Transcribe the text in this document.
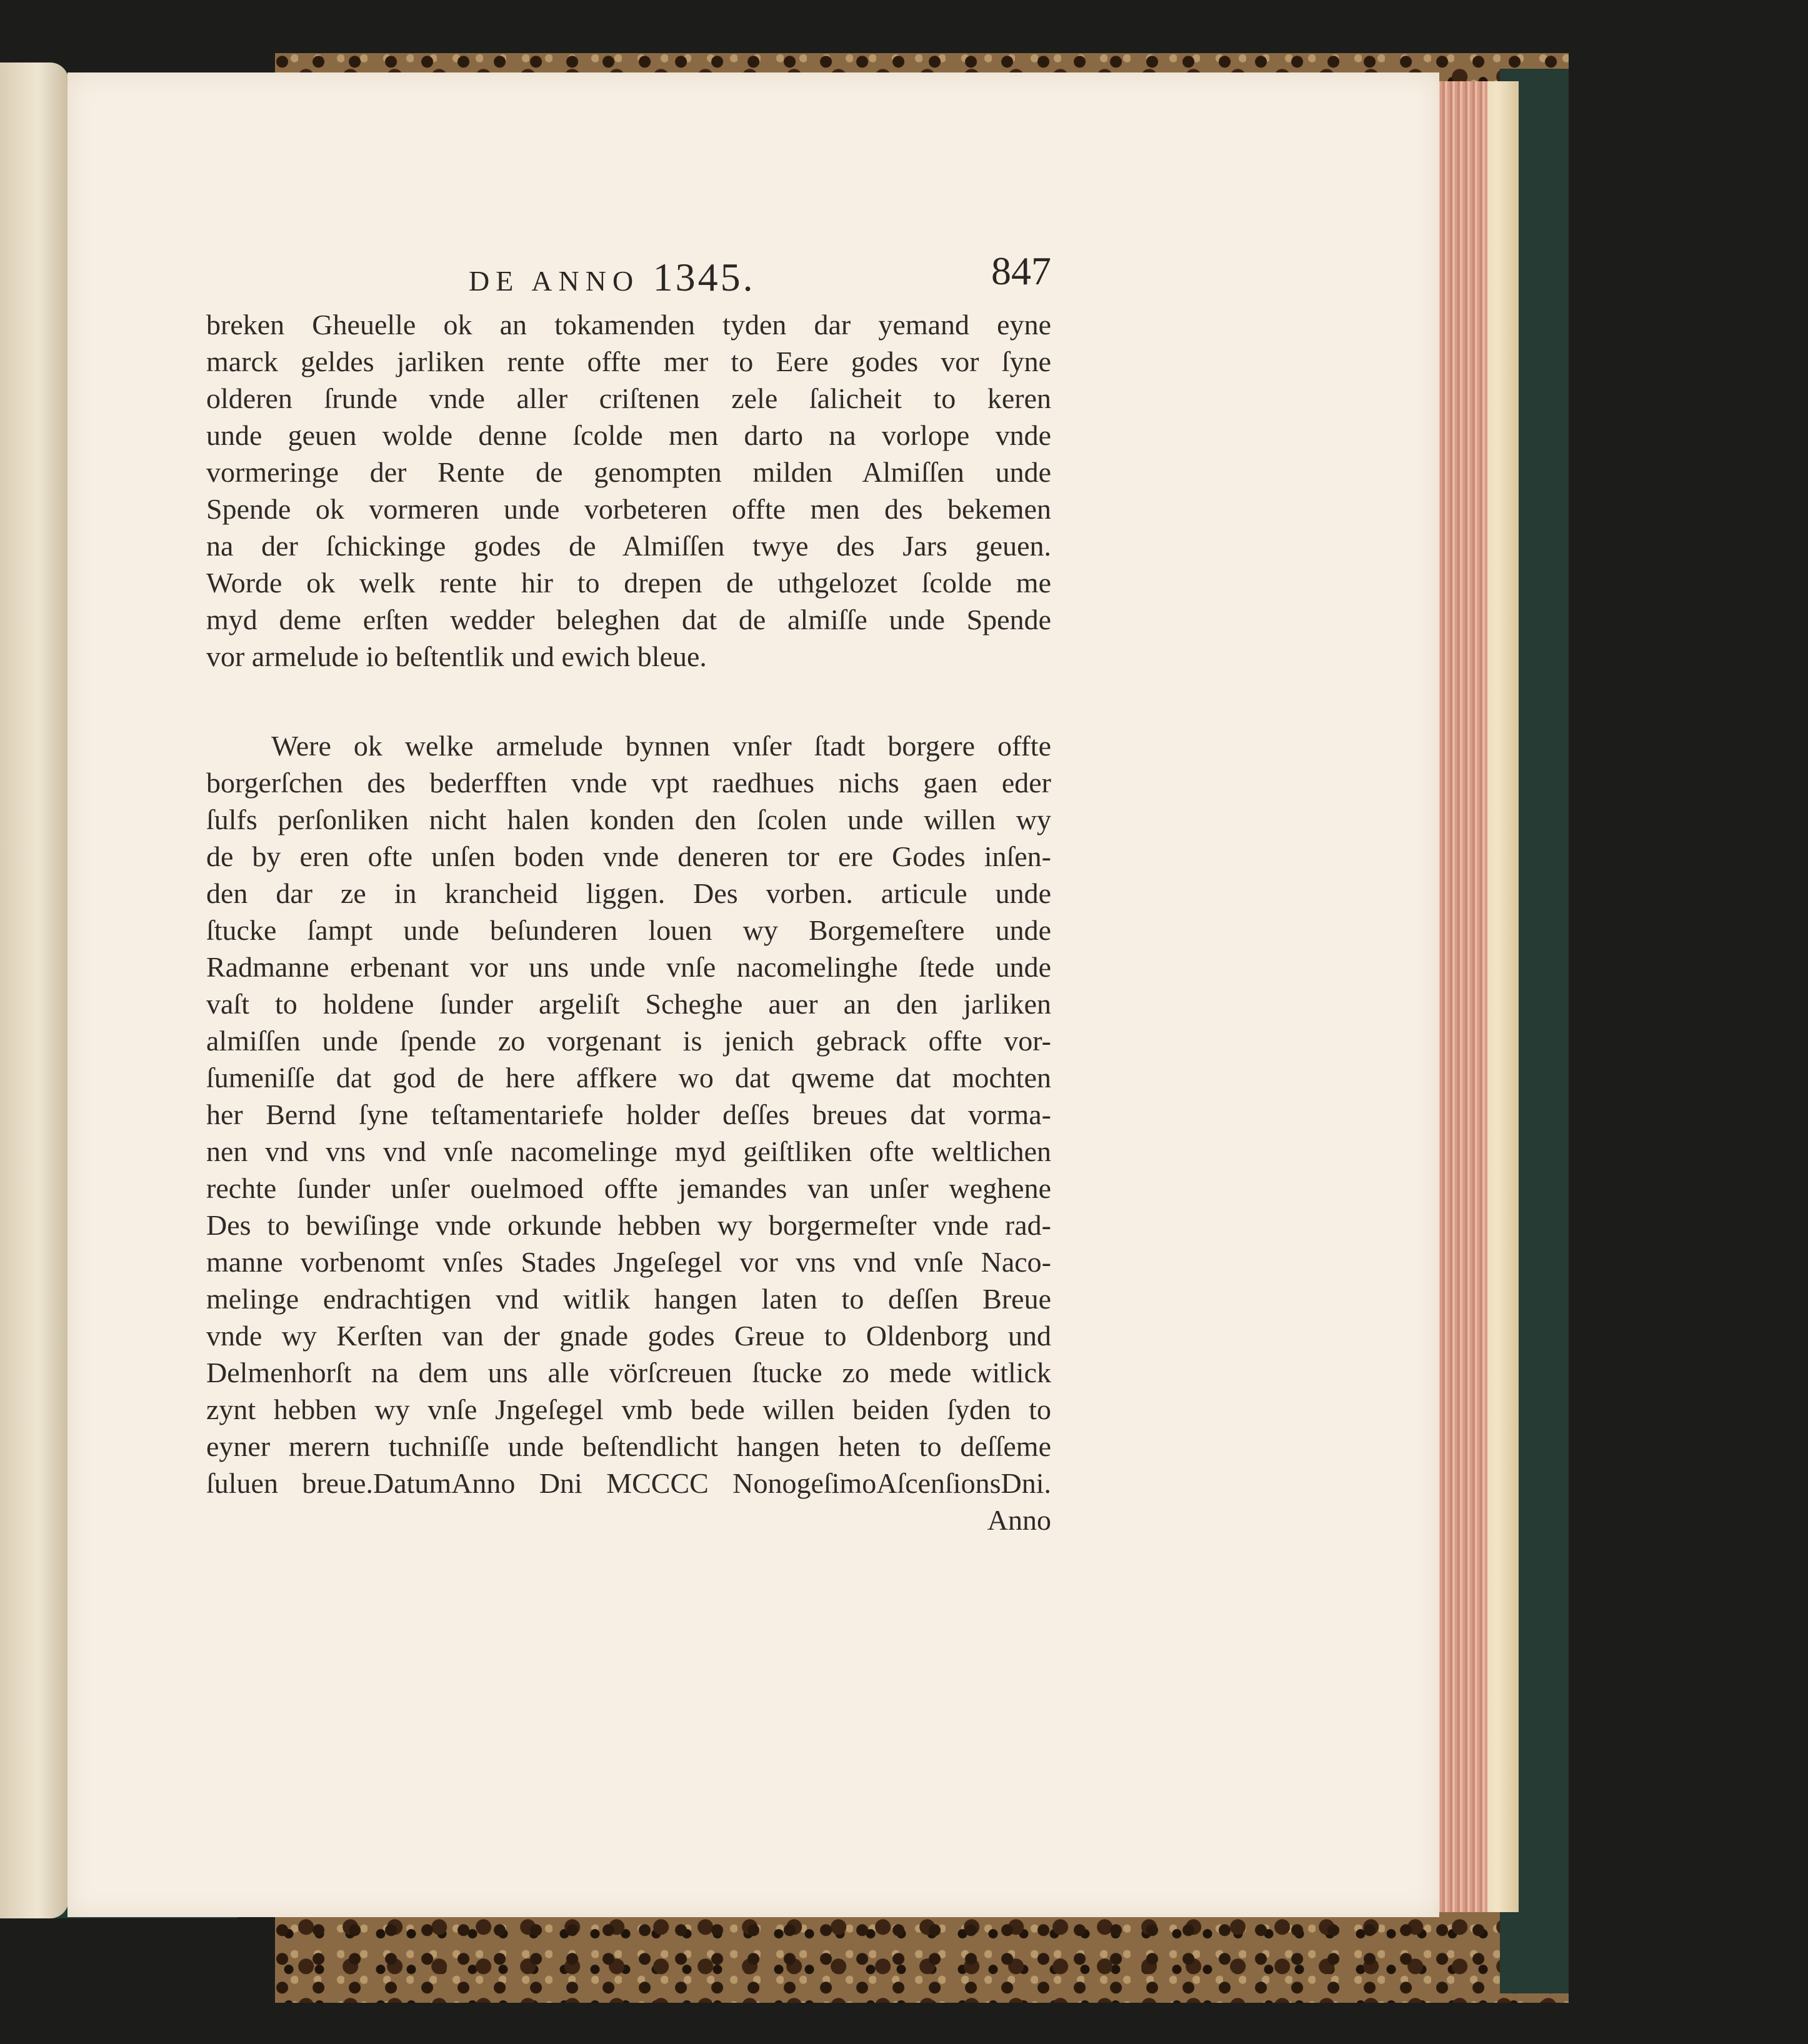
DE ANNO 1345.	847
breken Gheuelle ok an tokamenden tyden dar yemand eyne
marck geldes jarliken rente offte mer to Eere godes vor ſyne
olderen ſrunde vnde aller criſtenen zele ſalicheit to keren
unde geuen wolde denne ſcolde men darto na vorlope vnde
vormeringe der Rente de genompten milden Almiſſen unde
Spende ok vormeren unde vorbeteren offte men des bekemen
na der ſchickinge godes de Almiſſen twye des Jars geuen.
Worde ok welk rente hir to drepen de uthgelozet ſcolde me
myd deme erſten wedder beleghen dat de almiſſe unde Spende
vor armelude io beſtentlik und ewich bleue.
Were ok welke armelude bynnen vnſer ſtadt borgere offte
borgerſchen des bederfften vnde vpt raedhues nichs gaen eder
ſulfs perſonliken nicht halen konden den ſcolen unde willen wy
de by eren ofte unſen boden vnde deneren tor ere Godes inſen-
den dar ze in krancheid liggen. Des vorben. articule unde
ſtucke ſampt unde beſunderen louen wy Borgemeſtere unde
Radmanne erbenant vor uns unde vnſe nacomelinghe ſtede unde
vaſt to holdene ſunder argeliſt Scheghe auer an den jarliken
almiſſen unde ſpende zo vorgenant is jenich gebrack offte vor-
ſumeniſſe dat god de here affkere wo dat qweme dat mochten
her Bernd ſyne teſtamentariefe holder deſſes breues dat vorma-
nen vnd vns vnd vnſe nacomelinge myd geiſtliken ofte weltlichen
rechte ſunder unſer ouelmoed offte jemandes van unſer weghene
Des to bewiſinge vnde orkunde hebben wy borgermeſter vnde rad-
manne vorbenomt vnſes Stades Jngeſegel vor vns vnd vnſe Naco-
melinge endrachtigen vnd witlik hangen laten to deſſen Breue
vnde wy Kerſten van der gnade godes Greue to Oldenborg und
Delmenhorſt na dem uns alle vörſcreuen ſtucke zo mede witlick
zynt hebben wy vnſe Jngeſegel vmb bede willen beiden ſyden to
eyner merern tuchniſſe unde beſtendlicht hangen heten to deſſeme
ſuluen breue.DatumAnno Dni MCCCC NonogeſimoAſcenſionsDni.
Anno
